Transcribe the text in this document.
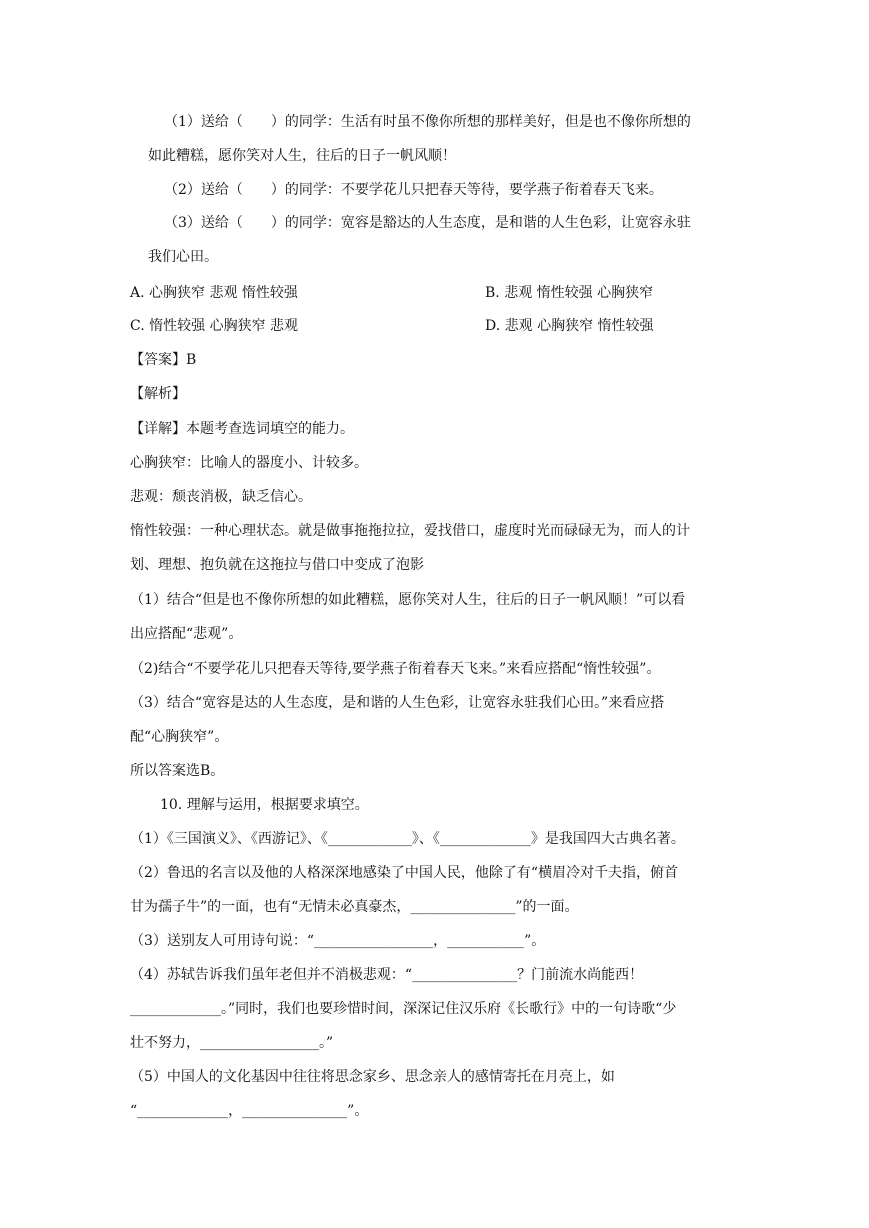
（1）送给（　　）的同学：生活有时虽不像你所想的那样美好，但是也不像你所想的
如此糟糕，愿你笑对人生，往后的日子一帆风顺！
（2）送给（　　）的同学：不要学花儿只把春天等待，要学燕子衔着春天飞来。
（3）送给（　　）的同学：宽容是豁达的人生态度，是和谐的人生色彩，让宽容永驻
我们心田。
A. 心胸狭窄 悲观 惰性较强	B. 悲观 惰性较强 心胸狭窄
C. 惰性较强 心胸狭窄 悲观	D. 悲观 心胸狭窄 惰性较强
【答案】B
【解析】
【详解】本题考查选词填空的能力。
心胸狭窄：比喻人的器度小、计较多。
悲观：颓丧消极，缺乏信心。
惰性较强：一种心理状态。就是做事拖拖拉拉，爱找借口，虚度时光而碌碌无为，而人的计
划、理想、抱负就在这拖拉与借口中变成了泡影
（1）结合“但是也不像你所想的如此糟糕，愿你笑对人生，往后的日子一帆风顺！”可以看
出应搭配“悲观”。
（2)结合“不要学花儿只把春天等待,要学燕子衔着春天飞来。”来看应搭配“惰性较强”。
（3）结合“宽容是达的人生态度，是和谐的人生色彩，让宽容永驻我们心田。”来看应搭
配“心胸狭窄”。
所以答案选B。
10. 理解与运用，根据要求填空。
（1）《三国演义》、《西游记》、《____________》、《_____________》是我国四大古典名著。
（2）鲁迅的名言以及他的人格深深地感染了中国人民，他除了有“横眉冷对千夫指，俯首
甘为孺子牛”的一面，也有“无情未必真豪杰，_______________”的一面。
（3）送别友人可用诗句说：“_________________，___________”。
（4）苏轼告诉我们虽年老但并不消极悲观：“_______________？门前流水尚能西！
_____________。”同时，我们也要珍惜时间，深深记住汉乐府《长歌行》中的一句诗歌“少
壮不努力，_________________。”
（5）中国人的文化基因中往往将思念家乡、思念亲人的感情寄托在月亮上，如
“_____________，_______________”。
